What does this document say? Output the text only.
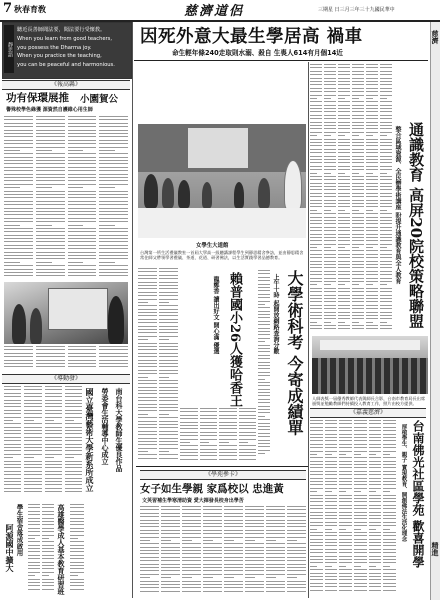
7 秋春育敎	慈濟道侶	三期星 日三月三年三十九國民華中
慈濟
精進
靜思語
聽近長善師聞法要，聞法要行受懷教。
When you learn from good teachers,
you possess the Dharma joy.
When you practice the teaching,
you can be peaceful and harmonious.
因死外意大最生學居高 禍車
命生輕年條240走取則水溺、殺自 生喪人614有月個14近
《報高縣》
功有保環展推 小園賀公
譽殊校學色綠獲 源資然自護維心用生師
《導動發》
阿源國中擴大 學生宿舍落成啟用	高雄醫學成人基本教育研習班
國立臺灣藝術大學新系所成立 勞委會生活輔導中心成立 南台科大學教師生優良作品
女學生大道館
台灣第一所生活禮儀教室一首屆大學高一級聽講課程學生到靜思精舍參訪，並由靜思精舍常住師父帶領學習禮儀、茶道、花道、研習佛法，以生活實踐學習品德教育。
賴普國小26人獲哈香王
龍鄭香 讀出好文 開心滿 優選	大學術科考 今寄成績單
上午十時 起開放網路查詢分數
《學苑參卡》
女子如生學親 家爲校以 忠進黃
文英習補生學寒清助資 愛大揮發長校身出學苦
通識教育 高屏20院校策略聯盟
整合區域資源、全民辦學術講座 盼提升通識教育與全人教育
人師表獎一屆優秀教師代表與師長合影，台南市教育局長出席頒獎並勉勵教師們持續投入教育工作，照片由校方提供。
《嘉義慈濟》
台南佛光社區學苑 歡喜開學
厚植學生、親子 實現教育、開創佛法生活化理念
